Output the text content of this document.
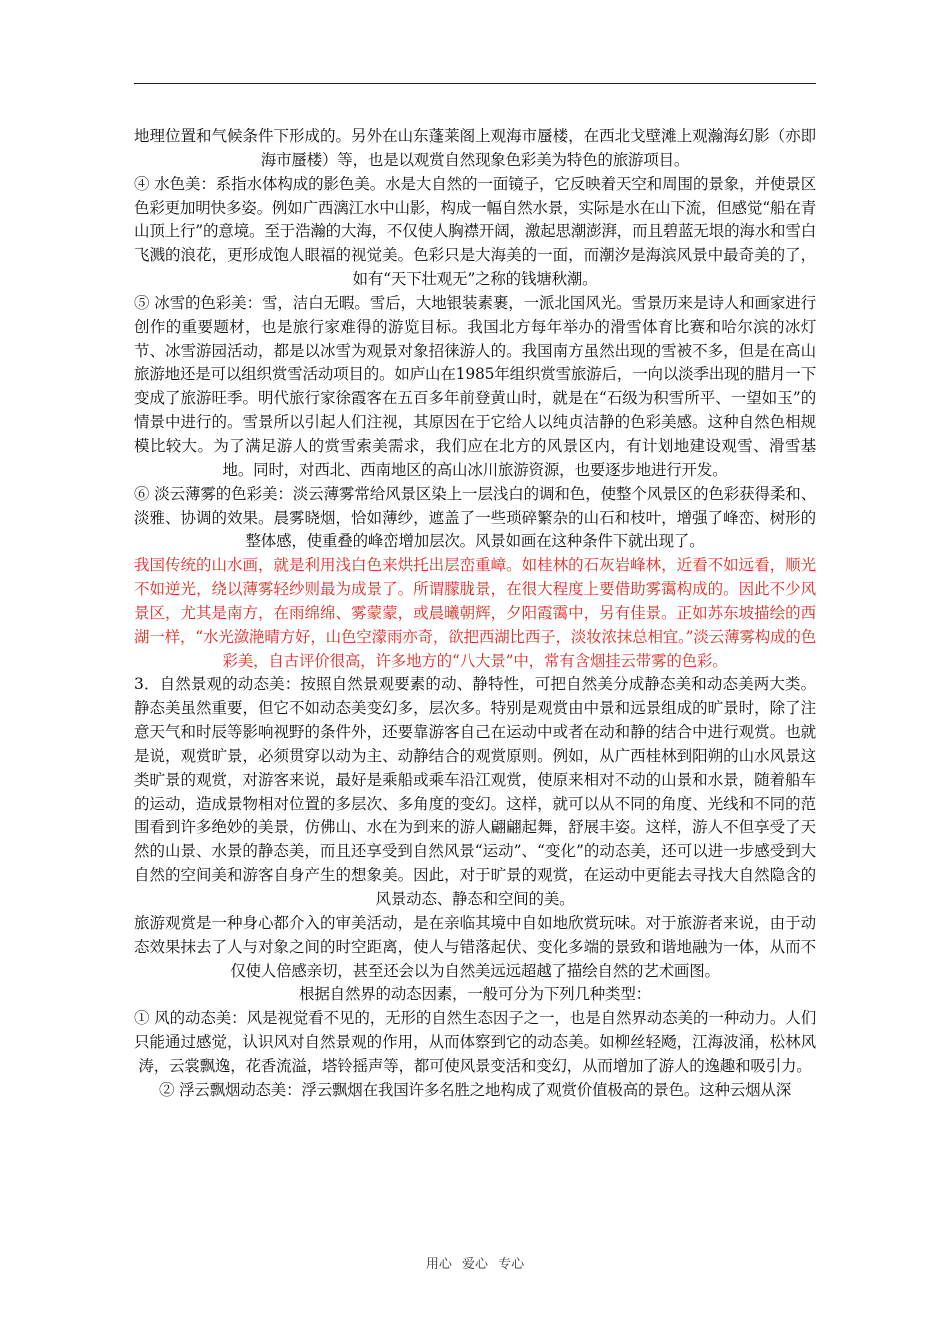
地理位置和气候条件下形成的。另外在山东蓬莱阁上观海市蜃楼，在西北戈壁滩上观瀚海幻影（亦即海市蜃楼）等，也是以观赏自然现象色彩美为特色的旅游项目。

④ 水色美：系指水体构成的影色美。水是大自然的一面镜子，它反映着天空和周围的景象，并使景区色彩更加明快多姿。例如广西漓江水中山影，构成一幅自然水景，实际是水在山下流，但感觉“船在青山顶上行”的意境。至于浩瀚的大海，不仅使人胸襟开阔，激起思潮澎湃，而且碧蓝无垠的海水和雪白飞溅的浪花，更形成饱人眼福的视觉美。色彩只是大海美的一面，而潮汐是海滨风景中最奇美的了，如有“天下壮观无”之称的钱塘秋潮。

⑤ 冰雪的色彩美：雪，洁白无暇。雪后，大地银装素裹，一派北国风光。雪景历来是诗人和画家进行创作的重要题材，也是旅行家难得的游览目标。我国北方每年举办的滑雪体育比赛和哈尔滨的冰灯节、冰雪游园活动，都是以冰雪为观景对象招徕游人的。我国南方虽然出现的雪被不多，但是在高山旅游地还是可以组织赏雪活动项目的。如庐山在1985年组织赏雪旅游后，一向以淡季出现的腊月一下变成了旅游旺季。明代旅行家徐霞客在五百多年前登黄山时，就是在“石级为积雪所平、一望如玉”的情景中进行的。雪景所以引起人们注视，其原因在于它给人以纯贞洁静的色彩美感。这种自然色相规模比较大。为了满足游人的赏雪索美需求，我们应在北方的风景区内，有计划地建设观雪、滑雪基地。同时，对西北、西南地区的高山冰川旅游资源，也要逐步地进行开发。

⑥ 淡云薄雾的色彩美：淡云薄雾常给风景区染上一层浅白的调和色，使整个风景区的色彩获得柔和、淡雅、协调的效果。晨雾晓烟，恰如薄纱，遮盖了一些琐碎繁杂的山石和枝叶，增强了峰峦、树形的整体感，使重叠的峰峦增加层次。风景如画在这种条件下就出现了。

我国传统的山水画，就是利用浅白色来烘托出层峦重嶂。如桂林的石灰岩峰林，近看不如远看，顺光不如逆光，绕以薄雾轻纱则最为成景了。所谓朦胧景，在很大程度上要借助雾霭构成的。因此不少风景区，尤其是南方，在雨绵绵、雾蒙蒙，或晨曦朝辉，夕阳霞霭中，另有佳景。正如苏东坡描绘的西湖一样，“水光潋滟晴方好，山色空濛雨亦奇，欲把西湖比西子，淡妆浓抹总相宜。”淡云薄雾构成的色彩美，自古评价很高，许多地方的“八大景”中，常有含烟挂云带雾的色彩。

3．自然景观的动态美：按照自然景观要素的动、静特性，可把自然美分成静态美和动态美两大类。静态美虽然重要，但它不如动态美变幻多，层次多。特别是观赏由中景和远景组成的旷景时，除了注意天气和时辰等影响视野的条件外，还要靠游客自己在运动中或者在动和静的结合中进行观赏。也就是说，观赏旷景，必须贯穿以动为主、动静结合的观赏原则。例如，从广西桂林到阳朔的山水风景这类旷景的观赏，对游客来说，最好是乘船或乘车沿江观赏，使原来相对不动的山景和水景，随着船车的运动，造成景物相对位置的多层次、多角度的变幻。这样，就可以从不同的角度、光线和不同的范围看到许多绝妙的美景，仿佛山、水在为到来的游人翩翩起舞，舒展丰姿。这样，游人不但享受了天然的山景、水景的静态美，而且还享受到自然风景“运动”、“变化”的动态美，还可以进一步感受到大自然的空间美和游客自身产生的想象美。因此，对于旷景的观赏，在运动中更能去寻找大自然隐含的风景动态、静态和空间的美。

旅游观赏是一种身心都介入的审美活动，是在亲临其境中自如地欣赏玩味。对于旅游者来说，由于动态效果抹去了人与对象之间的时空距离，使人与错落起伏、变化多端的景致和谐地融为一体，从而不仅使人倍感亲切，甚至还会以为自然美远远超越了描绘自然的艺术画图。

根据自然界的动态因素，一般可分为下列几种类型：

① 风的动态美：风是视觉看不见的，无形的自然生态因子之一，也是自然界动态美的一种动力。人们只能通过感觉，认识风对自然景观的作用，从而体察到它的动态美。如柳丝轻飏，江海波涌，松林风涛，云裳飘逸，花香流溢，塔铃摇声等，都可使风景变活和变幻，从而增加了游人的逸趣和吸引力。

② 浮云飘烟动态美：浮云飘烟在我国许多名胜之地构成了观赏价值极高的景色。这种云烟从深

用心 爱心 专心
